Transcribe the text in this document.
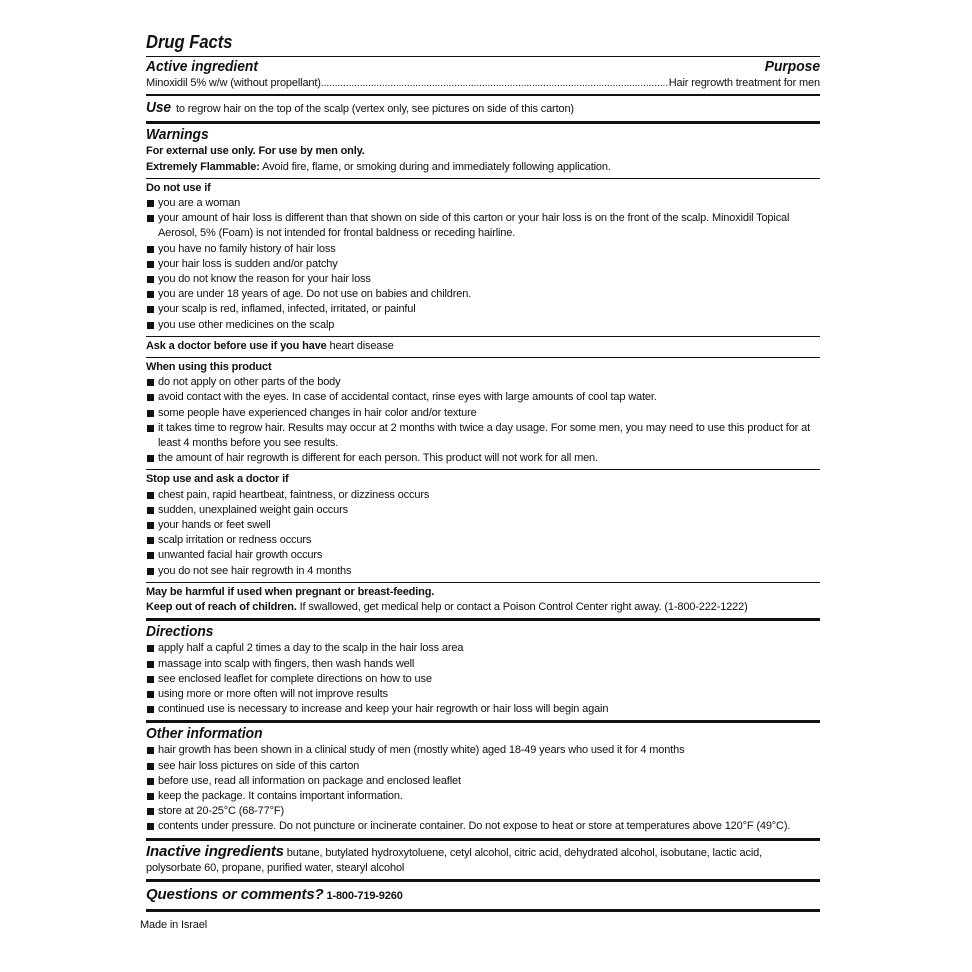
Drug Facts
Active ingredient	Purpose
Minoxidil 5% w/w (without propellant)
.....	Hair regrowth treatment for men
Use to regrow hair on the top of the scalp (vertex only, see pictures on side of this carton)
Warnings
For external use only. For use by men only.
Extremely Flammable: Avoid fire, flame, or smoking during and immediately following application.
Do not use if
you are a woman
your amount of hair loss is different than that shown on side of this carton or your hair loss is on the front of the scalp. Minoxidil Topical Aerosol, 5% (Foam) is not intended for frontal baldness or receding hairline.
you have no family history of hair loss
your hair loss is sudden and/or patchy
you do not know the reason for your hair loss
you are under 18 years of age. Do not use on babies and children.
your scalp is red, inflamed, infected, irritated, or painful
you use other medicines on the scalp
Ask a doctor before use if you have heart disease
When using this product
do not apply on other parts of the body
avoid contact with the eyes. In case of accidental contact, rinse eyes with large amounts of cool tap water.
some people have experienced changes in hair color and/or texture
it takes time to regrow hair. Results may occur at 2 months with twice a day usage. For some men, you may need to use this product for at least 4 months before you see results.
the amount of hair regrowth is different for each person. This product will not work for all men.
Stop use and ask a doctor if
chest pain, rapid heartbeat, faintness, or dizziness occurs
sudden, unexplained weight gain occurs
your hands or feet swell
scalp irritation or redness occurs
unwanted facial hair growth occurs
you do not see hair regrowth in 4 months
May be harmful if used when pregnant or breast-feeding.
Keep out of reach of children. If swallowed, get medical help or contact a Poison Control Center right away. (1-800-222-1222)
Directions
apply half a capful 2 times a day to the scalp in the hair loss area
massage into scalp with fingers, then wash hands well
see enclosed leaflet for complete directions on how to use
using more or more often will not improve results
continued use is necessary to increase and keep your hair regrowth or hair loss will begin again
Other information
hair growth has been shown in a clinical study of men (mostly white) aged 18-49 years who used it for 4 months
see hair loss pictures on side of this carton
before use, read all information on package and enclosed leaflet
keep the package. It contains important information.
store at 20-25°C (68-77°F)
contents under pressure. Do not puncture or incinerate container. Do not expose to heat or store at temperatures above 120°F (49°C).
Inactive ingredients butane, butylated hydroxytoluene, cetyl alcohol, citric acid, dehydrated alcohol, isobutane, lactic acid, polysorbate 60, propane, purified water, stearyl alcohol
Questions or comments? 1-800-719-9260
Made in Israel
